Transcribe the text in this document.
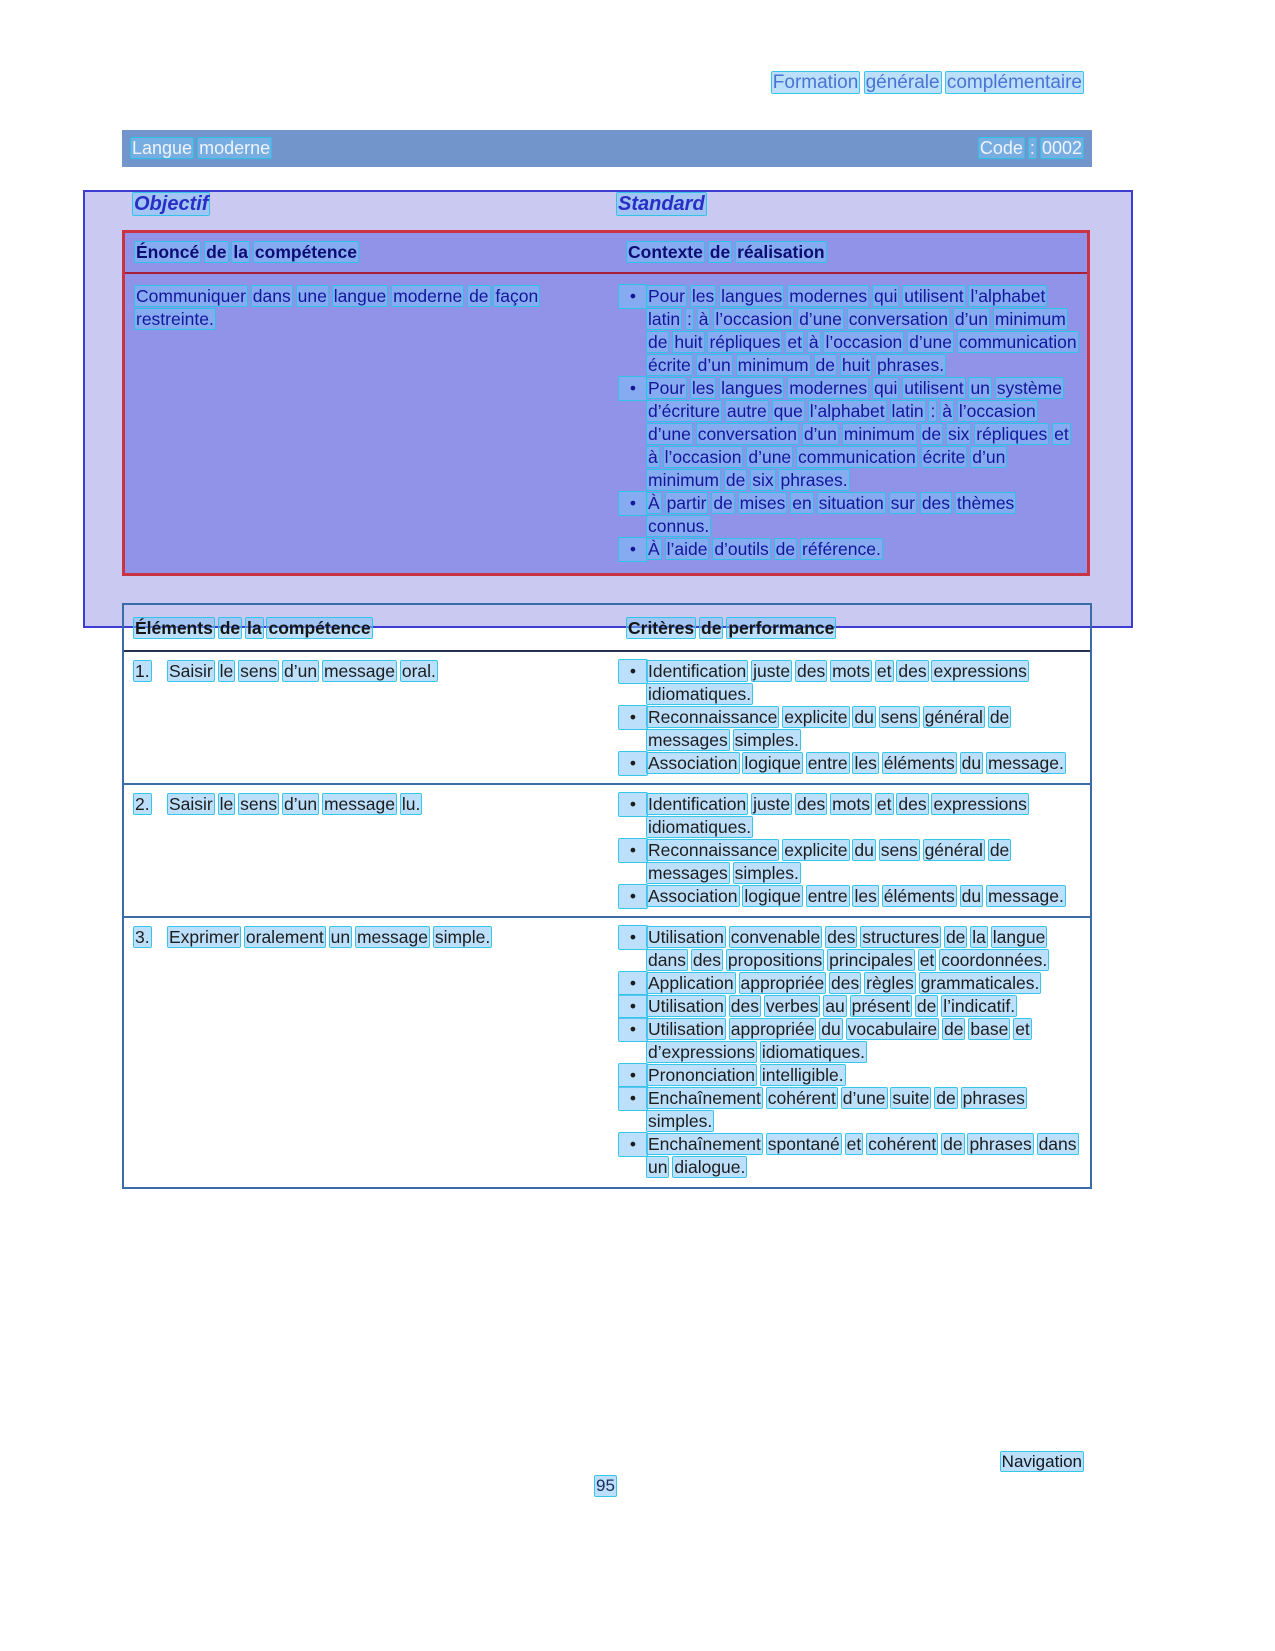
Formation générale complémentaire
Langue moderne	Code : 0002
Objectif	Standard
Énoncé de la compétence	Contexte de réalisation
Communiquer dans une langue moderne de façon restreinte.
• Pour les langues modernes qui utilisent l’alphabet latin : à l’occasion d’une conversation d’un minimum de huit répliques et à l’occasion d’une communication écrite d’un minimum de huit phrases.
• Pour les langues modernes qui utilisent un système d’écriture autre que l’alphabet latin : à l’occasion d’une conversation d’un minimum de six répliques et à l’occasion d’une communication écrite d’un minimum de six phrases.
• À partir de mises en situation sur des thèmes connus.
• À l’aide d’outils de référence.
Éléments de la compétence	Critères de performance
1.	Saisir le sens d’un message oral.	• Identification juste des mots et des expressions idiomatiques.
• Reconnaissance explicite du sens général de messages simples.
• Association logique entre les éléments du message.
2.	Saisir le sens d’un message lu.	• Identification juste des mots et des expressions idiomatiques.
• Reconnaissance explicite du sens général de messages simples.
• Association logique entre les éléments du message.
3.	Exprimer oralement un message simple.	• Utilisation convenable des structures de la langue dans des propositions principales et coordonnées.
• Application appropriée des règles grammaticales.
• Utilisation des verbes au présent de l’indicatif.
• Utilisation appropriée du vocabulaire de base et d’expressions idiomatiques.
• Prononciation intelligible.
• Enchaînement cohérent d’une suite de phrases simples.
• Enchaînement spontané et cohérent de phrases dans un dialogue.
Navigation
95
